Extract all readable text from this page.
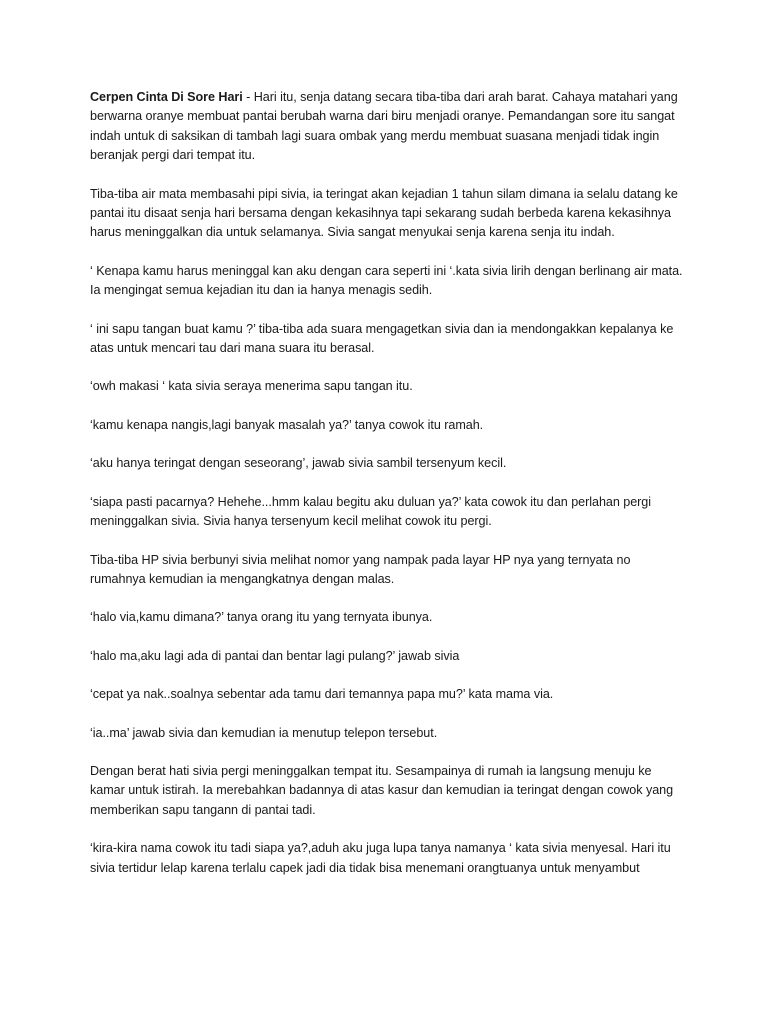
Cerpen Cinta Di Sore Hari - Hari itu, senja datang secara tiba-tiba dari arah barat. Cahaya matahari yang berwarna oranye membuat pantai berubah warna dari biru menjadi oranye. Pemandangan sore itu sangat indah untuk di saksikan di tambah lagi suara ombak yang merdu membuat suasana menjadi tidak ingin beranjak pergi dari tempat itu.

Tiba-tiba air mata membasahi pipi sivia, ia teringat akan kejadian 1 tahun silam dimana ia selalu datang ke pantai itu disaat senja hari bersama dengan kekasihnya tapi sekarang sudah berbeda karena kekasihnya harus meninggalkan dia untuk selamanya. Sivia sangat menyukai senja karena senja itu indah.

‘ Kenapa kamu harus meninggal kan aku dengan cara seperti ini ‘.kata sivia lirih dengan berlinang air mata. Ia mengingat semua kejadian itu dan ia hanya menagis sedih.

‘ ini sapu tangan buat kamu ?’ tiba-tiba ada suara mengagetkan sivia dan ia mendongakkan kepalanya ke atas untuk mencari tau dari mana suara itu berasal.

‘owh makasi ‘ kata sivia seraya menerima sapu tangan itu.

‘kamu kenapa nangis,lagi banyak masalah ya?’ tanya cowok itu ramah.

‘aku hanya teringat dengan seseorang’, jawab sivia sambil tersenyum kecil.

‘siapa pasti pacarnya? Hehehe...hmm kalau begitu aku duluan ya?’ kata cowok itu dan perlahan pergi meninggalkan sivia. Sivia hanya tersenyum kecil melihat cowok itu pergi.

Tiba-tiba HP sivia berbunyi sivia melihat nomor yang nampak pada layar HP nya yang ternyata no rumahnya kemudian ia mengangkatnya dengan malas.

‘halo via,kamu dimana?’ tanya orang itu yang ternyata ibunya.

‘halo ma,aku lagi ada di pantai dan bentar lagi pulang?’ jawab sivia

‘cepat ya nak..soalnya sebentar ada tamu dari temannya papa mu?’ kata mama via.

‘ia..ma’ jawab sivia dan kemudian ia menutup telepon tersebut.

Dengan berat hati sivia pergi meninggalkan tempat itu. Sesampainya di rumah ia langsung menuju ke kamar untuk istirah. Ia merebahkan badannya di atas kasur dan kemudian ia teringat dengan cowok yang memberikan sapu tangann di pantai tadi.

‘kira-kira nama cowok itu tadi siapa ya?,aduh aku juga lupa tanya namanya ‘ kata sivia menyesal. Hari itu sivia tertidur lelap karena terlalu capek jadi dia tidak bisa menemani orangtuanya untuk menyambut
